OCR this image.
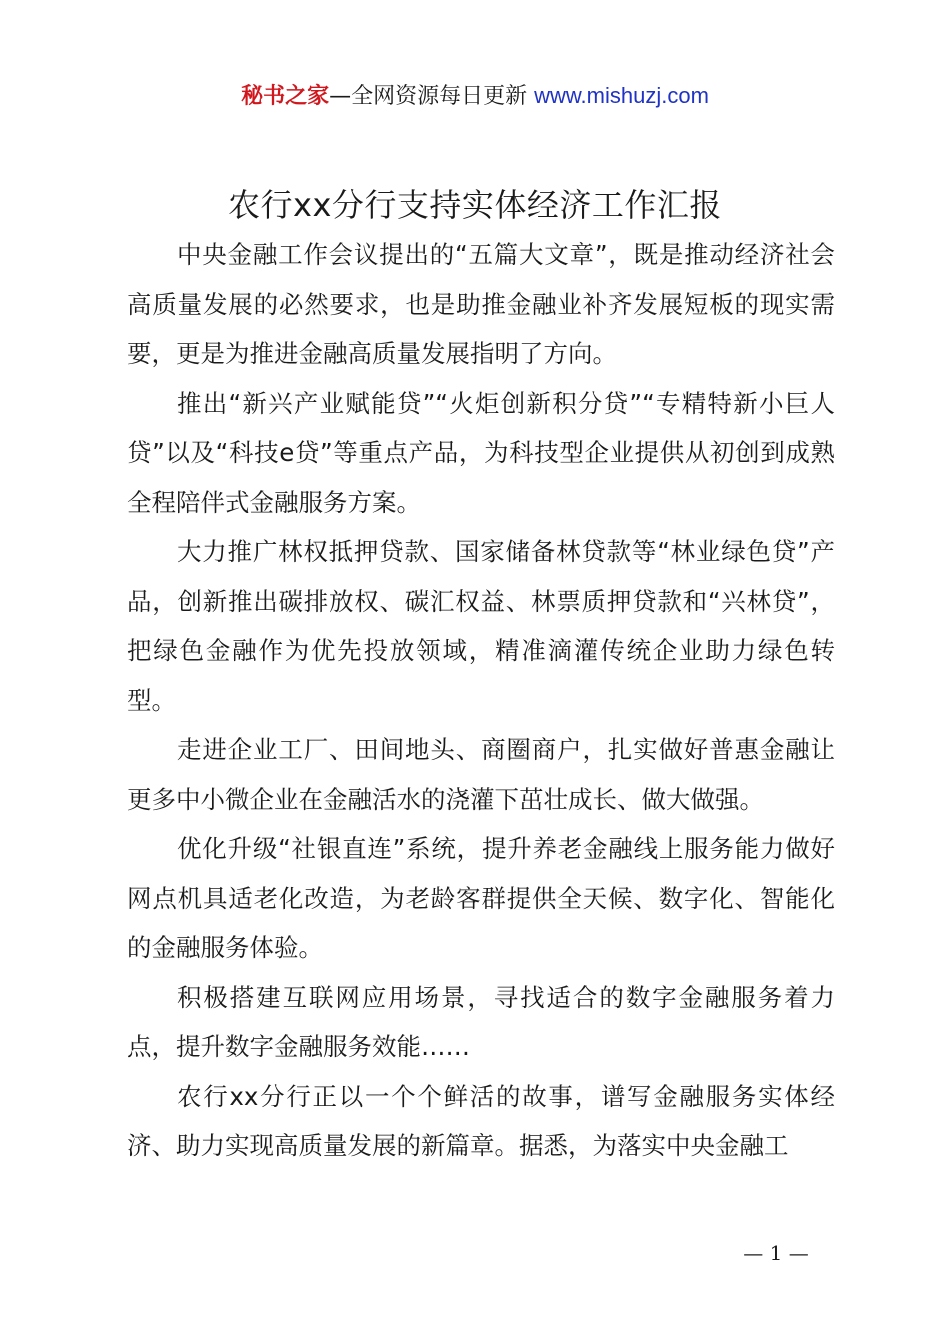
秘书之家—全网资源每日更新 www.mishuzj.com
农行xx分行支持实体经济工作汇报

中央金融工作会议提出的“五篇大文章”，既是推动经济社会高质量发展的必然要求，也是助推金融业补齐发展短板的现实需要，更是为推进金融高质量发展指明了方向。

推出“新兴产业赋能贷”“火炬创新积分贷”“专精特新小巨人贷”以及“科技e贷”等重点产品，为科技型企业提供从初创到成熟全程陪伴式金融服务方案。

大力推广林权抵押贷款、国家储备林贷款等“林业绿色贷”产品，创新推出碳排放权、碳汇权益、林票质押贷款和“兴林贷”，把绿色金融作为优先投放领域，精准滴灌传统企业助力绿色转型。

走进企业工厂、田间地头、商圈商户，扎实做好普惠金融让更多中小微企业在金融活水的浇灌下茁壮成长、做大做强。

优化升级“社银直连”系统，提升养老金融线上服务能力做好网点机具适老化改造，为老龄客群提供全天候、数字化、智能化的金融服务体验。

积极搭建互联网应用场景，寻找适合的数字金融服务着力点，提升数字金融服务效能……

农行xx分行正以一个个鲜活的故事，谱写金融服务实体经济、助力实现高质量发展的新篇章。据悉，为落实中央金融工

— 1 —
